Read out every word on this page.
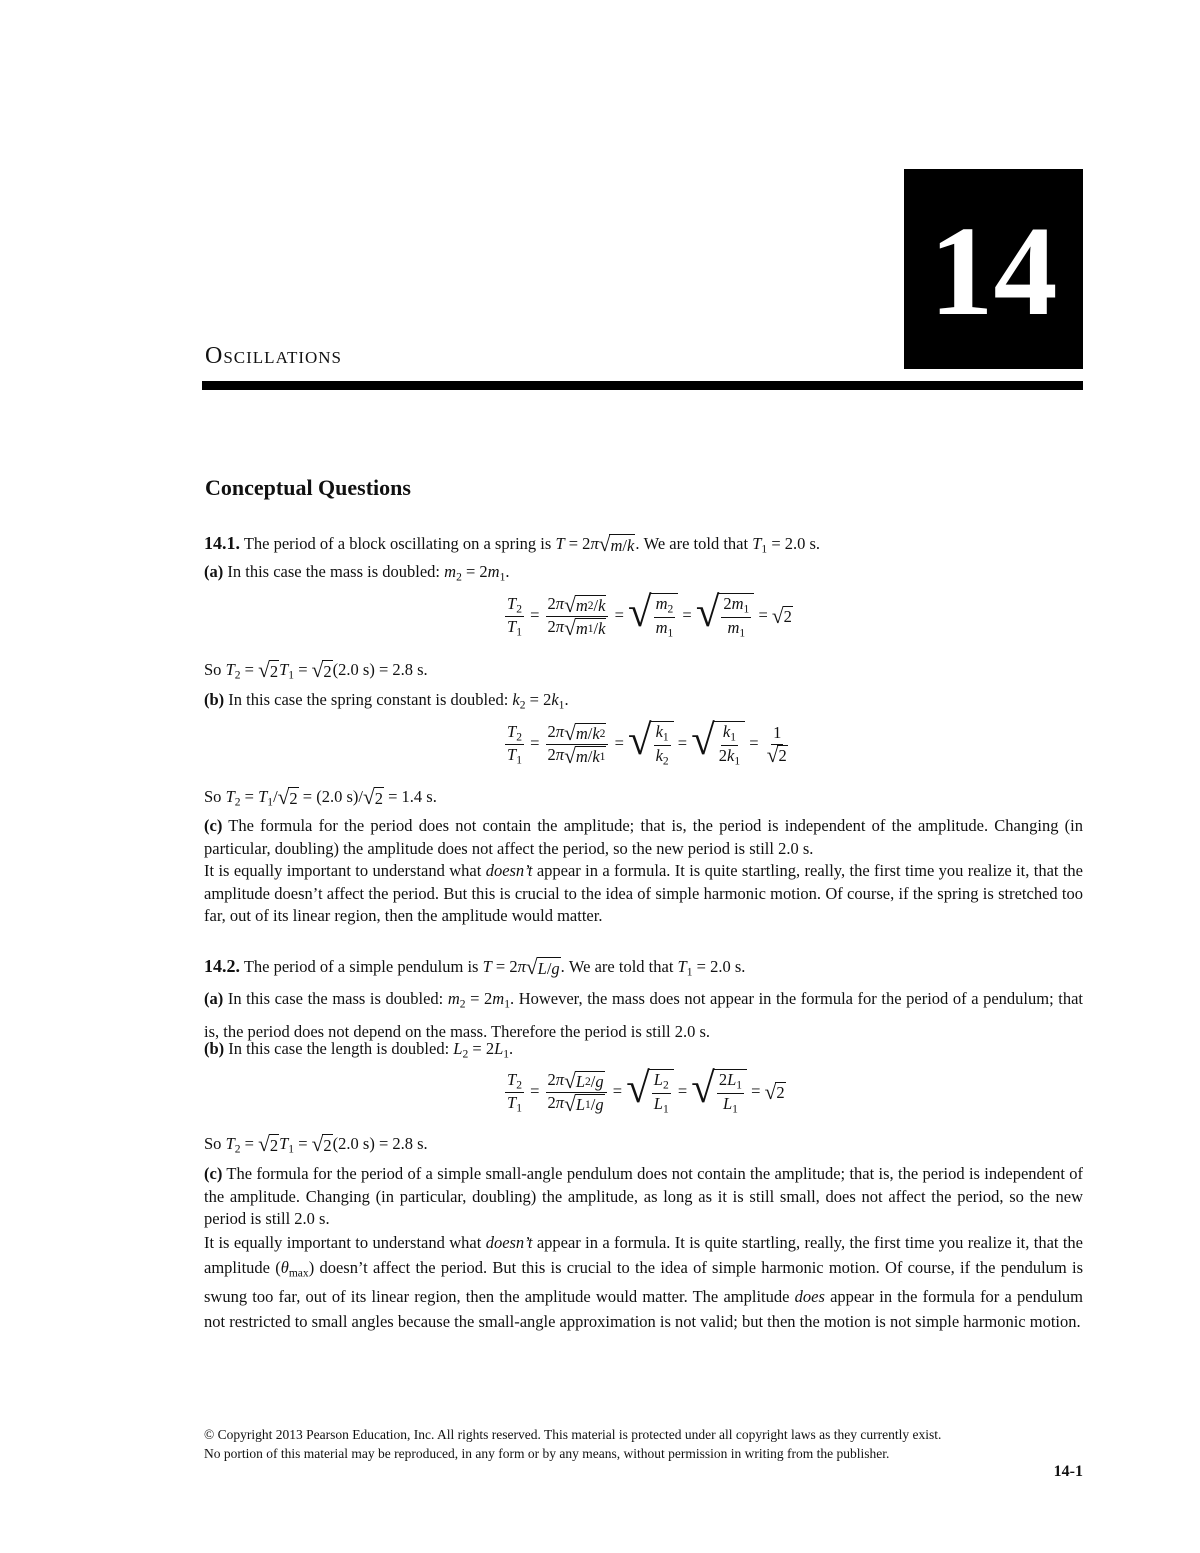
14
OSCILLATIONS
Conceptual Questions
14.1. The period of a block oscillating on a spring is T = 2π √ m / k . We are told that $T_1 = 2.0$ s.
(a) In this case the mass is doubled: $m_2 = 2m_1$.
$\frac{T_2}{T_1} = \frac{2\pi √ m 2 / k}{2\pi √ m 1 / k}$ = √ $\frac{m_2}{m_1}$ = √ $\frac{2m_1}{m_1}$ = √ 2
So $T_2$ = √ 2 $T_1$ = √ 2 (2.0 s) = 2.8 s.
(b) In this case the spring constant is doubled: $k_2 = 2k_1$.
$\frac{T_2}{T_1} = \frac{2\pi √ m / k 2}{2\pi √ m / k 1}$ = √ $\frac{k_1}{k_2}$ = √ $\frac{k_1}{2k_1} = \frac{1}{√ 2}$
So $T_2 = T_1/$ √ 2 = (2.0 s)/ √ 2 = 1.4 s.
(c) The formula for the period does not contain the amplitude; that is, the period is independent of the amplitude. Changing (in particular, doubling) the amplitude does not affect the period, so the new period is still 2.0 s.
It is equally important to understand what doesn’t appear in a formula. It is quite startling, really, the first time you realize it, that the amplitude doesn’t affect the period. But this is crucial to the idea of simple harmonic motion. Of course, if the spring is stretched too far, out of its linear region, then the amplitude would matter.
14.2. The period of a simple pendulum is T = 2π √ L / g . We are told that $T_1 = 2.0$ s.
(a) In this case the mass is doubled: $m_2 = 2m_1$. However, the mass does not appear in the formula for the period of a pendulum; that is, the period does not depend on the mass. Therefore the period is still 2.0 s.
(b) In this case the length is doubled: $L_2 = 2L_1$.
$\frac{T_2}{T_1} = \frac{2\pi √ L 2 / g}{2\pi √ L 1 / g}$ = √ $\frac{L_2}{L_1}$ = √ $\frac{2L_1}{L_1}$ = √ 2
So $T_2$ = √ 2 $T_1$ = √ 2 (2.0 s) = 2.8 s.
(c) The formula for the period of a simple small-angle pendulum does not contain the amplitude; that is, the period is independent of the amplitude. Changing (in particular, doubling) the amplitude, as long as it is still small, does not affect the period, so the new period is still 2.0 s.
It is equally important to understand what doesn’t appear in a formula. It is quite startling, really, the first time you realize it, that the amplitude $(\theta_{max})$ doesn’t affect the period. But this is crucial to the idea of simple harmonic motion. Of course, if the pendulum is swung too far, out of its linear region, then the amplitude would matter. The amplitude does appear in the formula for a pendulum not restricted to small angles because the small-angle approximation is not valid; but then the motion is not simple harmonic motion.
© Copyright 2013 Pearson Education, Inc. All rights reserved. This material is protected under all copyright laws as they currently exist.
No portion of this material may be reproduced, in any form or by any means, without permission in writing from the publisher.
14-1
